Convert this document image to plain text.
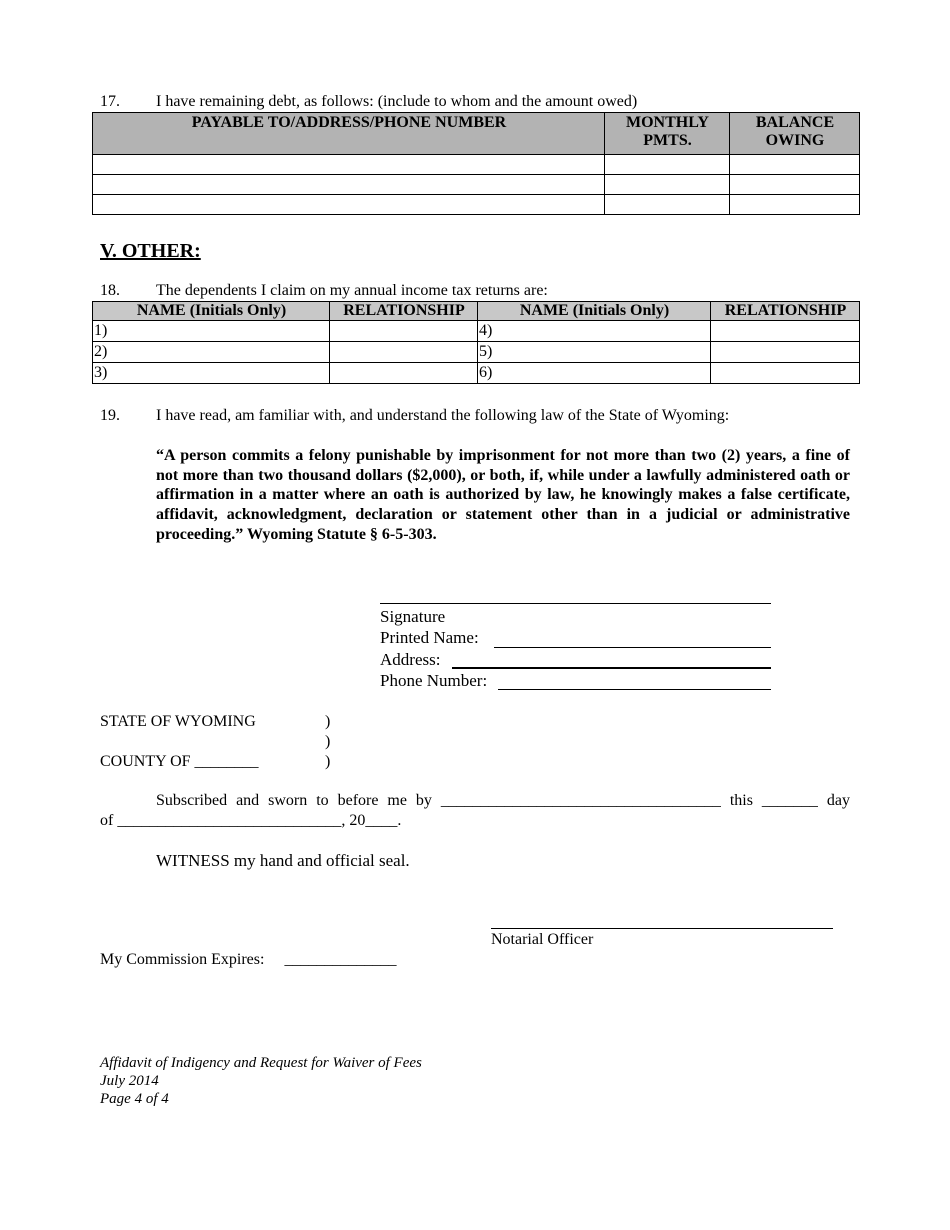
17. I have remaining debt, as follows: (include to whom and the amount owed)
PAYABLE TO/ADDRESS/PHONE NUMBER	MONTHLY PMTS.	BALANCE OWING

V. OTHER:
18. The dependents I claim on my annual income tax returns are:
NAME (Initials Only)	RELATIONSHIP	NAME (Initials Only)	RELATIONSHIP
1)		4)	
2)		5)	
3)		6)	
19. I have read, am familiar with, and understand the following law of the State of Wyoming:
“A person commits a felony punishable by imprisonment for not more than two (2) years, a fine of not more than two thousand dollars ($2,000), or both, if, while under a lawfully administered oath or affirmation in a matter where an oath is authorized by law, he knowingly makes a false certificate, affidavit, acknowledgment, declaration or statement other than in a judicial or administrative proceeding.” Wyoming Statute § 6-5-303.
Signature
Printed Name:
Address:
Phone Number:
STATE OF WYOMING
COUNTY OF ________
)
)
)
Subscribed and sworn to before me by ___________________________________ this _______ day
of ____________________________, 20____.
WITNESS my hand and official seal.
Notarial Officer
My Commission Expires:     ______________
Affidavit of Indigency and Request for Waiver of Fees
July 2014
Page 4 of 4
